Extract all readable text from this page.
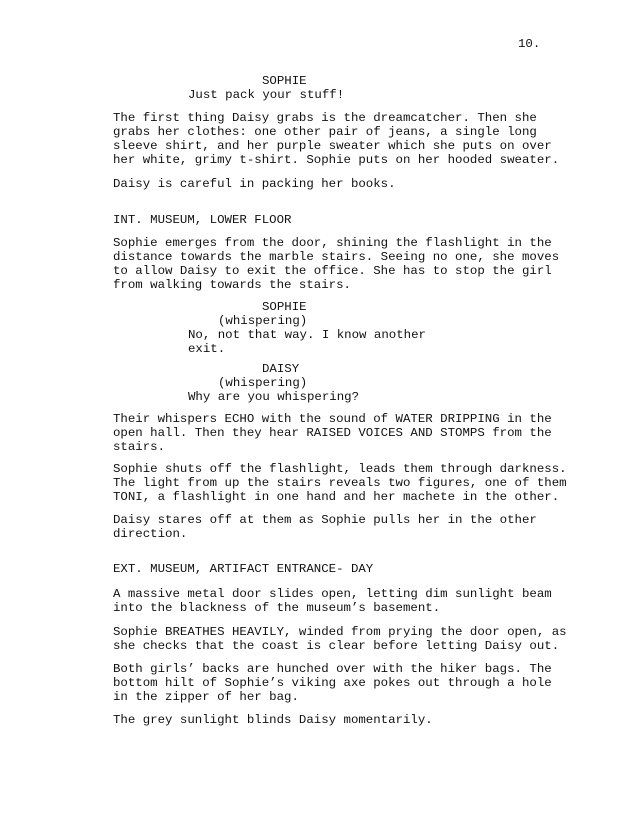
10.
SOPHIE
Just pack your stuff!
The first thing Daisy grabs is the dreamcatcher. Then she
grabs her clothes: one other pair of jeans, a single long
sleeve shirt, and her purple sweater which she puts on over
her white, grimy t-shirt. Sophie puts on her hooded sweater.
Daisy is careful in packing her books.
INT. MUSEUM, LOWER FLOOR
Sophie emerges from the door, shining the flashlight in the
distance towards the marble stairs. Seeing no one, she moves
to allow Daisy to exit the office. She has to stop the girl
from walking towards the stairs.
SOPHIE
(whispering)
No, not that way. I know another
exit.
DAISY
(whispering)
Why are you whispering?
Their whispers ECHO with the sound of WATER DRIPPING in the
open hall. Then they hear RAISED VOICES AND STOMPS from the
stairs.
Sophie shuts off the flashlight, leads them through darkness.
The light from up the stairs reveals two figures, one of them
TONI, a flashlight in one hand and her machete in the other.
Daisy stares off at them as Sophie pulls her in the other
direction.
EXT. MUSEUM, ARTIFACT ENTRANCE- DAY
A massive metal door slides open, letting dim sunlight beam
into the blackness of the museum’s basement.
Sophie BREATHES HEAVILY, winded from prying the door open, as
she checks that the coast is clear before letting Daisy out.
Both girls’ backs are hunched over with the hiker bags. The
bottom hilt of Sophie’s viking axe pokes out through a hole
in the zipper of her bag.
The grey sunlight blinds Daisy momentarily.
